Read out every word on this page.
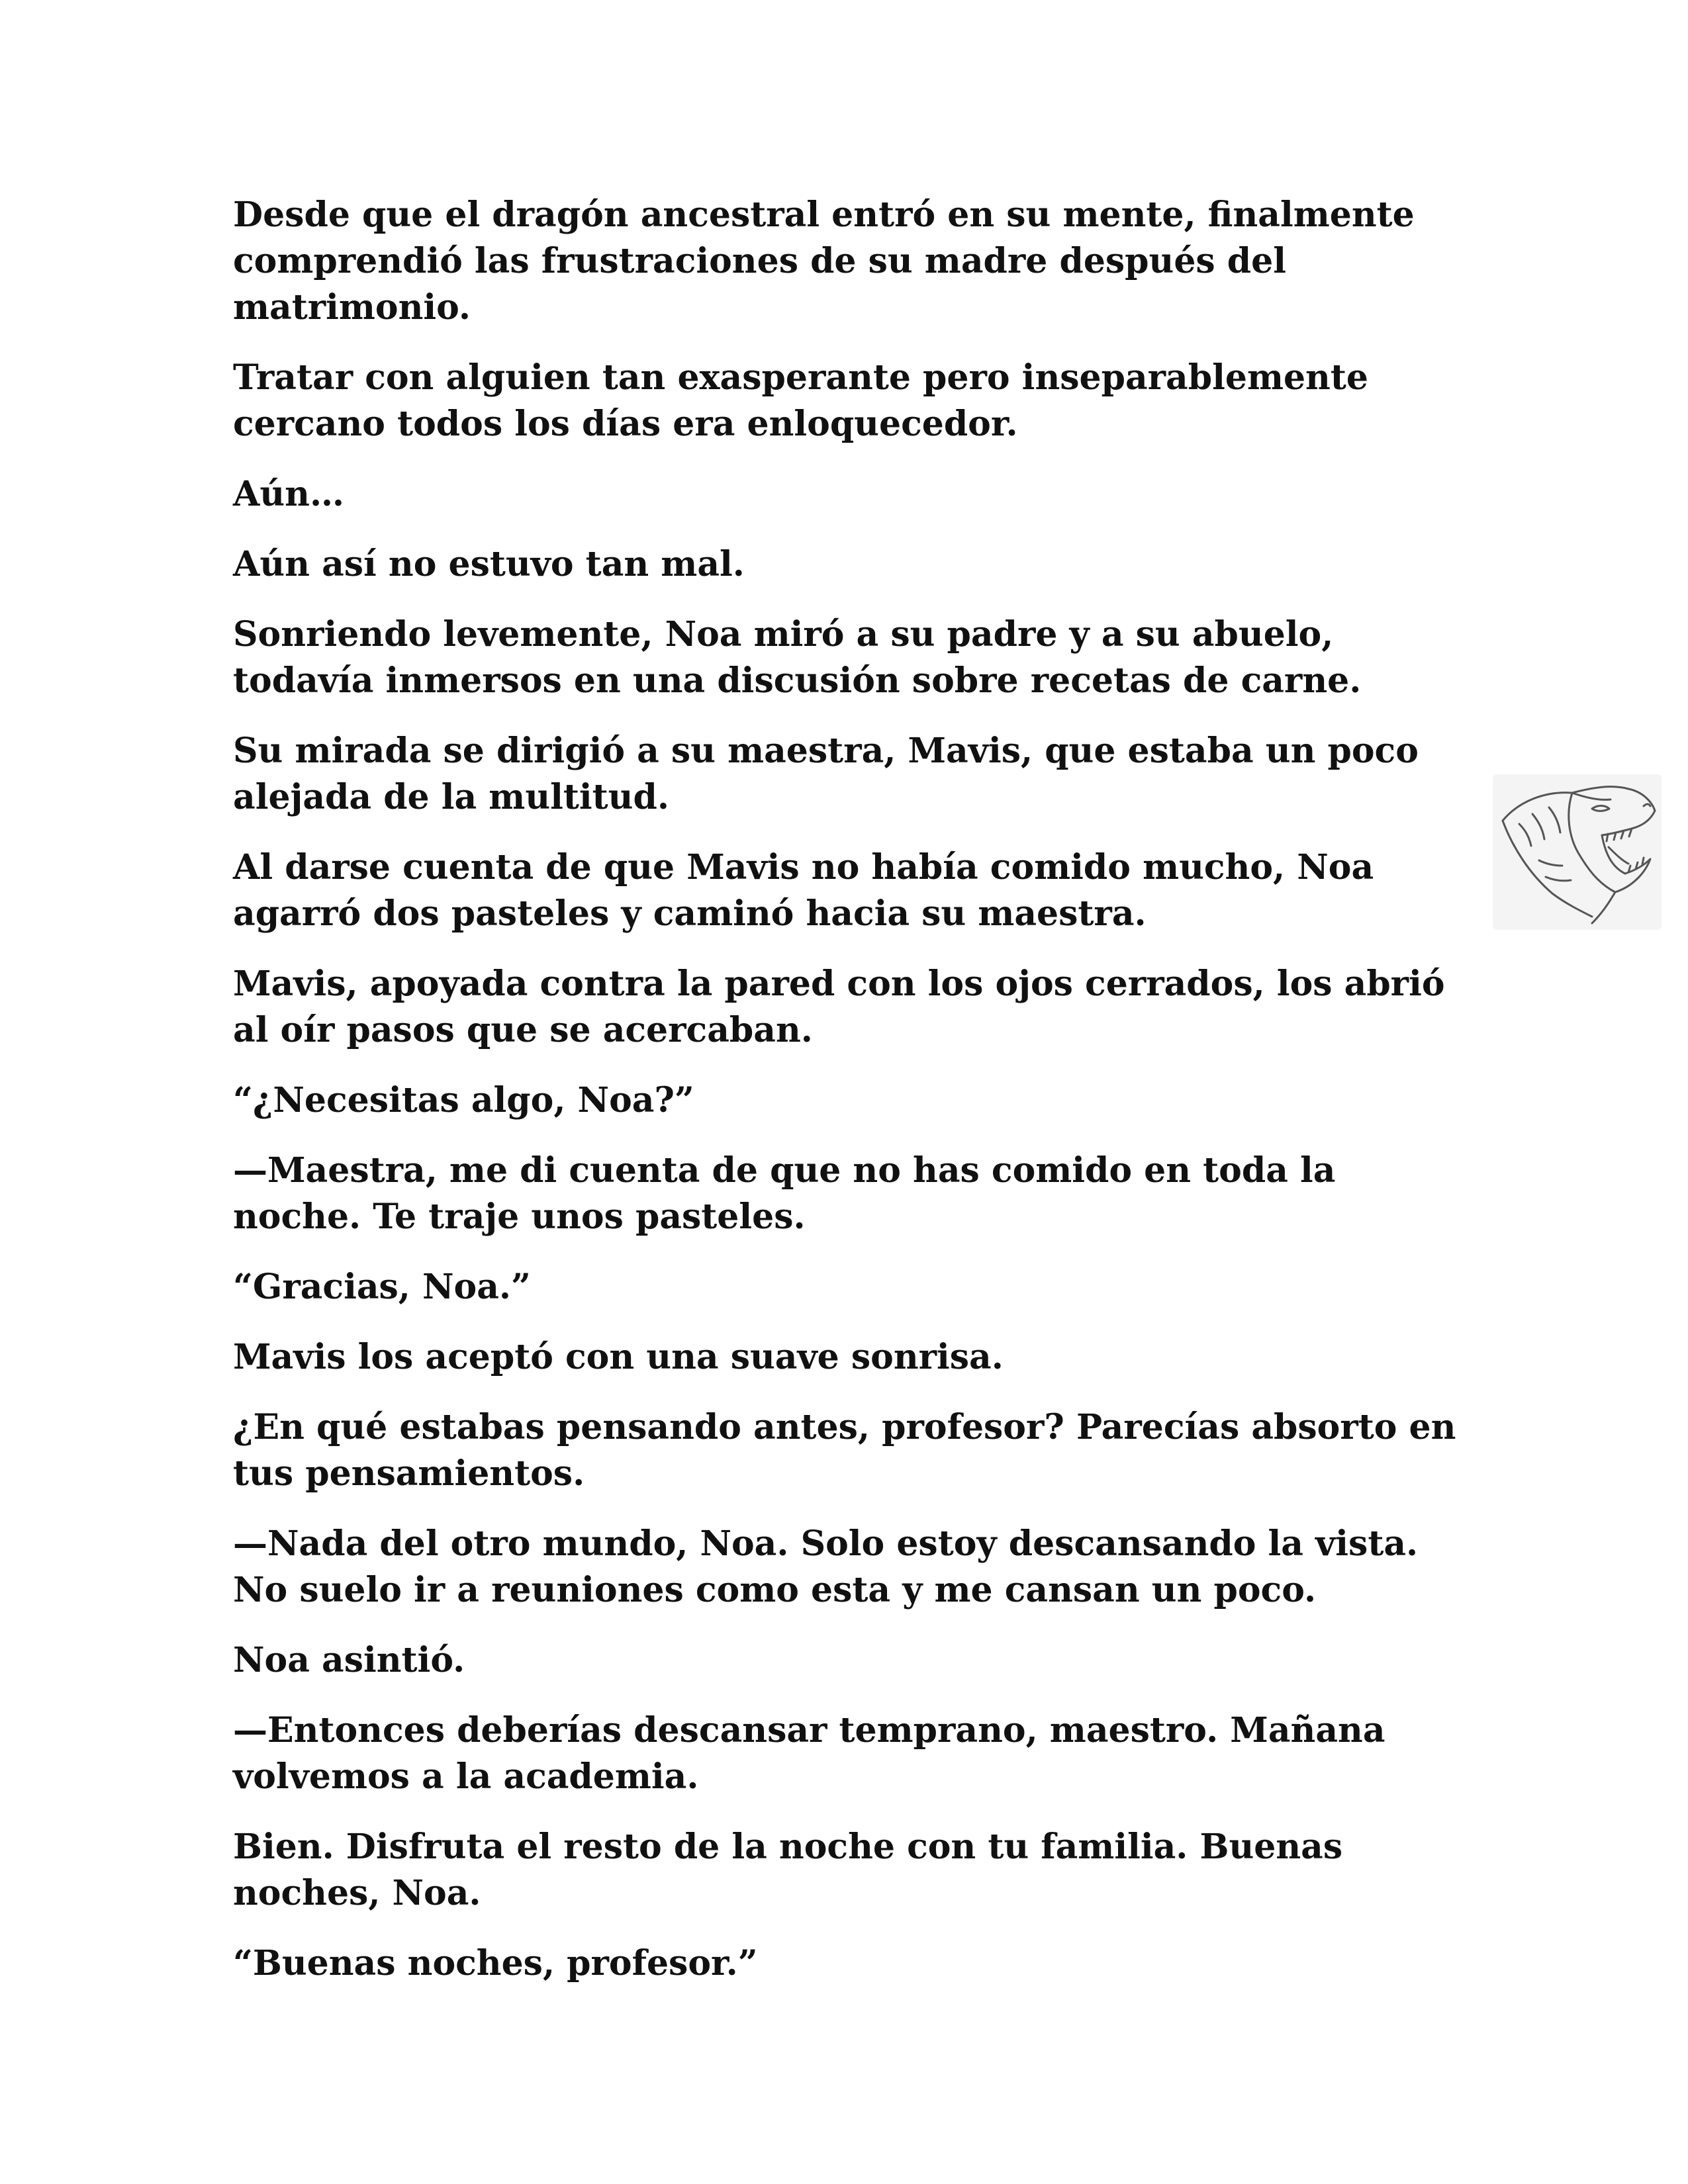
Desde que el dragón ancestral entró en su mente, finalmente
comprendió las frustraciones de su madre después del
matrimonio.

Tratar con alguien tan exasperante pero inseparablemente
cercano todos los días era enloquecedor.

Aún…

Aún así no estuvo tan mal.

Sonriendo levemente, Noa miró a su padre y a su abuelo,
todavía inmersos en una discusión sobre recetas de carne.

Su mirada se dirigió a su maestra, Mavis, que estaba un poco
alejada de la multitud.

Al darse cuenta de que Mavis no había comido mucho, Noa
agarró dos pasteles y caminó hacia su maestra.

Mavis, apoyada contra la pared con los ojos cerrados, los abrió
al oír pasos que se acercaban.

“¿Necesitas algo, Noa?”

—Maestra, me di cuenta de que no has comido en toda la
noche. Te traje unos pasteles.

“Gracias, Noa.”

Mavis los aceptó con una suave sonrisa.

¿En qué estabas pensando antes, profesor? Parecías absorto en
tus pensamientos.

—Nada del otro mundo, Noa. Solo estoy descansando la vista.
No suelo ir a reuniones como esta y me cansan un poco.

Noa asintió.

—Entonces deberías descansar temprano, maestro. Mañana
volvemos a la academia.

Bien. Disfruta el resto de la noche con tu familia. Buenas
noches, Noa.

“Buenas noches, profesor.”
